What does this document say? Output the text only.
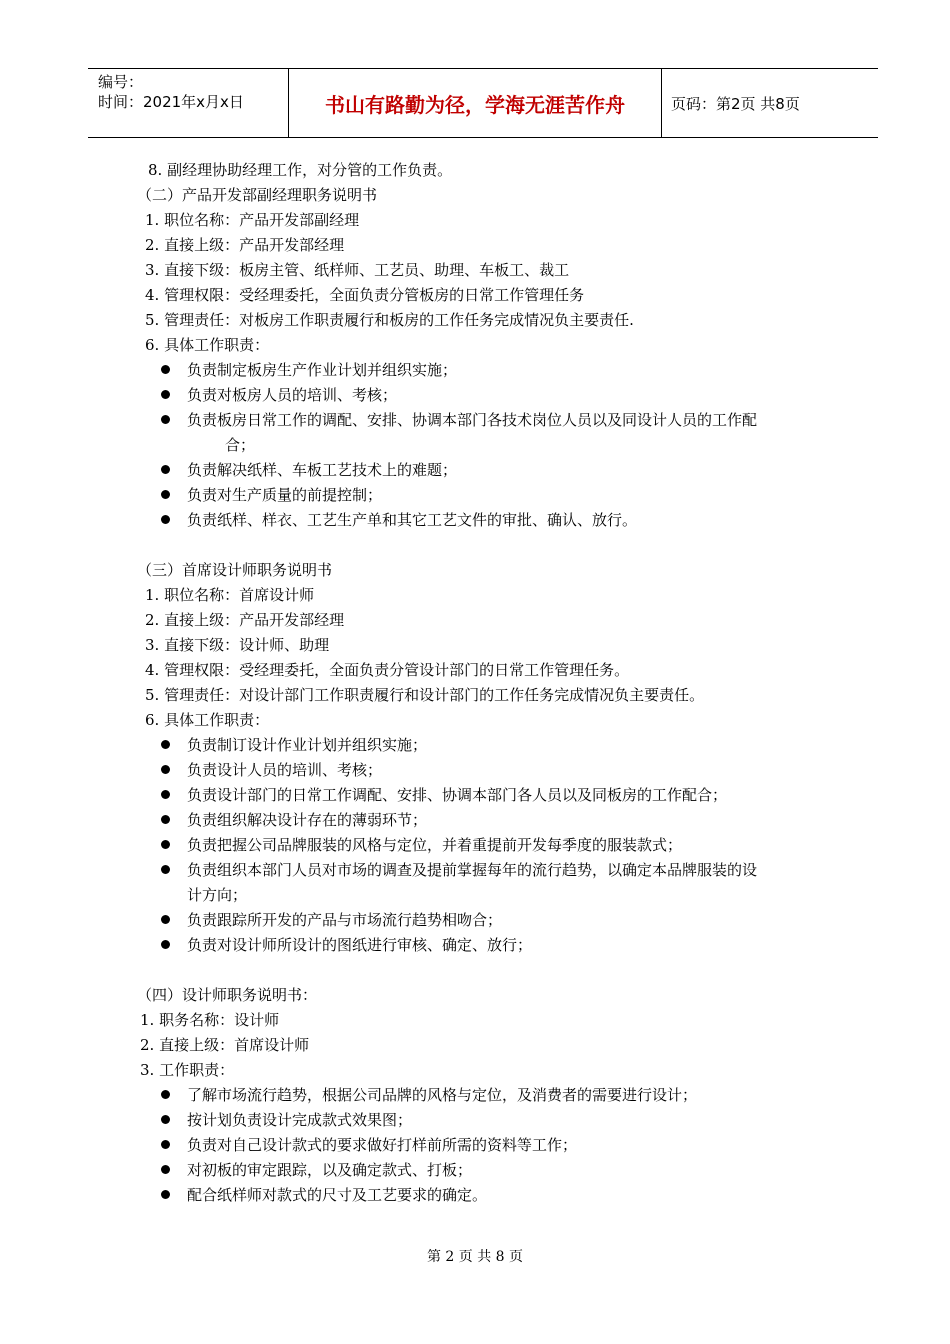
编号：
时间：2021年x月x日	书山有路勤为径，学海无涯苦作舟	页码：第2页 共8页
8. 副经理协助经理工作，对分管的工作负责。
（二）产品开发部副经理职务说明书
1. 职位名称：产品开发部副经理
2. 直接上级：产品开发部经理
3. 直接下级：板房主管、纸样师、工艺员、助理、车板工、裁工
4. 管理权限：受经理委托，全面负责分管板房的日常工作管理任务
5. 管理责任：对板房工作职责履行和板房的工作任务完成情况负主要责任.
6. 具体工作职责：
负责制定板房生产作业计划并组织实施；
负责对板房人员的培训、考核；
负责板房日常工作的调配、安排、协调本部门各技术岗位人员以及同设计人员的工作配
合；
负责解决纸样、车板工艺技术上的难题；
负责对生产质量的前提控制；
负责纸样、样衣、工艺生产单和其它工艺文件的审批、确认、放行。
（三）首席设计师职务说明书
1. 职位名称：首席设计师
2. 直接上级：产品开发部经理
3. 直接下级：设计师、助理
4. 管理权限：受经理委托，全面负责分管设计部门的日常工作管理任务。
5. 管理责任：对设计部门工作职责履行和设计部门的工作任务完成情况负主要责任。
6. 具体工作职责：
负责制订设计作业计划并组织实施；
负责设计人员的培训、考核；
负责设计部门的日常工作调配、安排、协调本部门各人员以及同板房的工作配合；
负责组织解决设计存在的薄弱环节；
负责把握公司品牌服装的风格与定位，并着重提前开发每季度的服装款式；
负责组织本部门人员对市场的调查及提前掌握每年的流行趋势，以确定本品牌服装的设
计方向；
负责跟踪所开发的产品与市场流行趋势相吻合；
负责对设计师所设计的图纸进行审核、确定、放行；
（四）设计师职务说明书：
1. 职务名称：设计师
2. 直接上级：首席设计师
3. 工作职责：
了解市场流行趋势，根据公司品牌的风格与定位，及消费者的需要进行设计；
按计划负责设计完成款式效果图；
负责对自己设计款式的要求做好打样前所需的资料等工作；
对初板的审定跟踪，以及确定款式、打板；
配合纸样师对款式的尺寸及工艺要求的确定。
第 2 页 共 8 页
